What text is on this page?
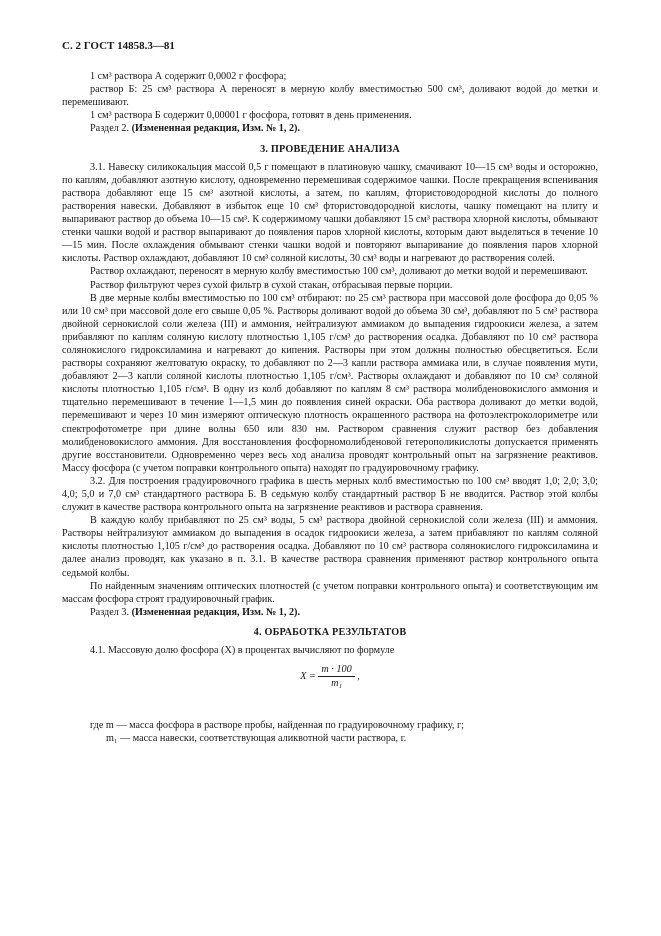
С. 2 ГОСТ 14858.3—81

1 см³ раствора А содержит 0,0002 г фосфора;

раствор Б: 25 см³ раствора А переносят в мерную колбу вместимостью 500 см³, доливают водой до метки и перемешивают.

1 см³ раствора Б содержит 0,00001 г фосфора, готовят в день применения.

Раздел 2. (Измененная редакция, Изм. № 1, 2).

3. ПРОВЕДЕНИЕ АНАЛИЗА

3.1. Навеску силикокальция массой 0,5 г помещают в платиновую чашку, смачивают 10—15 см³ воды и осторожно, по каплям, добавляют азотную кислоту, одновременно перемешивая содержимое чашки. После прекращения вспенивания раствора добавляют еще 15 см³ азотной кислоты, а затем, по каплям, фтористоводородной кислоты до полного растворения навески. Добавляют в избыток еще 10 см³ фтористоводородной кислоты, чашку помещают на плиту и выпаривают раствор до объема 10—15 см³. К содержимому чашки добавляют 15 см³ раствора хлорной кислоты, обмывают стенки чашки водой и раствор выпаривают до появления паров хлорной кислоты, которым дают выделяться в течение 10—15 мин. После охлаждения обмывают стенки чашки водой и повторяют выпаривание до появления паров хлорной кислоты. Раствор охлаждают, добавляют 10 см³ соляной кислоты, 30 см³ воды и нагревают до растворения солей.

Раствор охлаждают, переносят в мерную колбу вместимостью 100 см³, доливают до метки водой и перемешивают.

Раствор фильтруют через сухой фильтр в сухой стакан, отбрасывая первые порции.

В две мерные колбы вместимостью по 100 см³ отбирают: по 25 см³ раствора при массовой доле фосфора до 0,05 % или 10 см³ при массовой доле его свыше 0,05 %. Растворы доливают водой до объема 30 см³, добавляют по 5 см³ раствора двойной сернокислой соли железа (III) и аммония, нейтрализуют аммиаком до выпадения гидроокиси железа, а затем прибавляют по каплям соляную кислоту плотностью 1,105 г/см³ до растворения осадка. Добавляют по 10 см³ раствора солянокислого гидроксиламина и нагревают до кипения. Растворы при этом должны полностью обесцветиться. Если растворы сохраняют желтоватую окраску, то добавляют по 2—3 капли раствора аммиака или, в случае появления мути, добавляют 2—3 капли соляной кислоты плотностью 1,105 г/см³. Растворы охлаждают и добавляют по 10 см³ соляной кислоты плотностью 1,105 г/см³. В одну из колб добавляют по каплям 8 см³ раствора молибденовокислого аммония и тщательно перемешивают в течение 1—1,5 мин до появления синей окраски. Оба раствора доливают до метки водой, перемешивают и через 10 мин измеряют оптическую плотность окрашенного раствора на фотоэлектроколориметре или спектрофотометре при длине волны 650 или 830 нм. Раствором сравнения служит раствор без добавления молибденовокислого аммония. Для восстановления фосфорномолибденовой гетерополикислоты допускается применять другие восстановители. Одновременно через весь ход анализа проводят контрольный опыт на загрязнение реактивов. Массу фосфора (с учетом поправки контрольного опыта) находят по градуировочному графику.

3.2. Для построения градуировочного графика в шесть мерных колб вместимостью по 100 см³ вводят 1,0; 2,0; 3,0; 4,0; 5,0 и 7,0 см³ стандартного раствора Б. В седьмую колбу стандартный раствор Б не вводится. Раствор этой колбы служит в качестве раствора контрольного опыта на загрязнение реактивов и раствора сравнения.

В каждую колбу прибавляют по 25 см³ воды, 5 см³ раствора двойной сернокислой соли железа (III) и аммония. Растворы нейтрализуют аммиаком до выпадения в осадок гидроокиси железа, а затем прибавляют по каплям соляной кислоты плотностью 1,105 г/см³ до растворения осадка. Добавляют по 10 см³ раствора солянокислого гидроксиламина и далее анализ проводят, как указано в п. 3.1. В качестве раствора сравнения применяют раствор контрольного опыта седьмой колбы.

По найденным значениям оптических плотностей (с учетом поправки контрольного опыта) и соответствующим им массам фосфора строят градуировочный график.

Раздел 3. (Измененная редакция, Изм. № 1, 2).

4. ОБРАБОТКА РЕЗУЛЬТАТОВ

4.1. Массовую долю фосфора (X) в процентах вычисляют по формуле

$X = \frac{m \cdot 100}{\text{m₁}}$ ,

где m — масса фосфора в растворе пробы, найденная по градуировочному графику, г;

m₁ — масса навески, соответствующая аликвотной части раствора, г.
